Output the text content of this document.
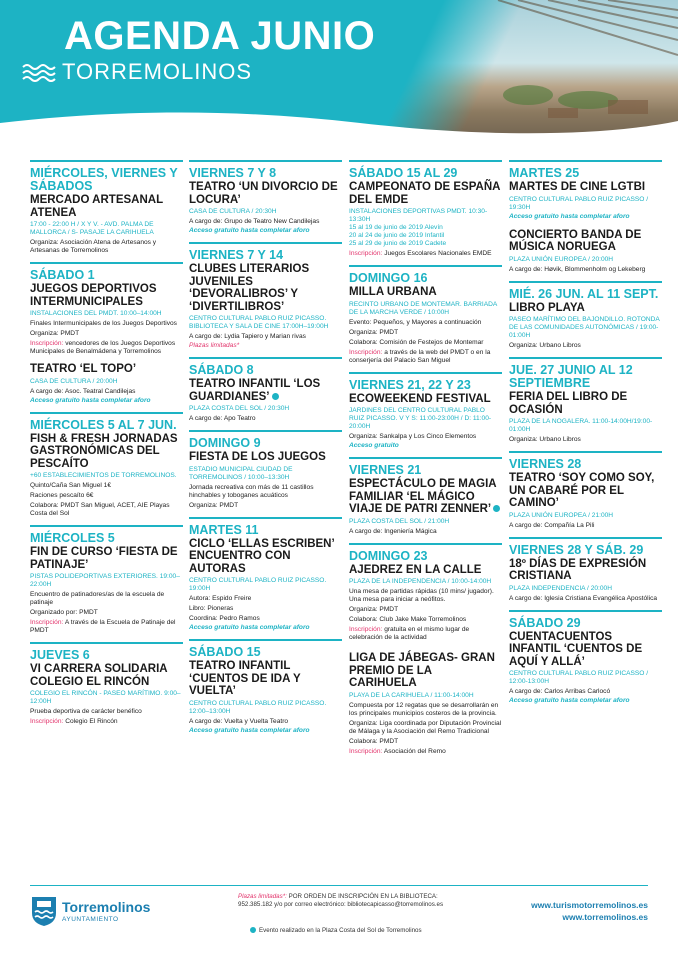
AGENDA JUNIO
TORREMOLINOS
MIÉRCOLES, VIERNES Y SÁBADOS
MERCADO ARTESANAL ATENEA
17:00 - 22:00 H / X Y V. - AVD. PALMA DE MALLORCA / S- PASAJE LA CARIHUELA
Organiza: Asociación Atena de Artesanos y Artesanas de Torremolinos
SÁBADO 1
JUEGOS DEPORTIVOS INTERMUNICIPALES
INSTALACIONES DEL PMDT. 10:00–14:00H
Finales Intermunicipales de los Juegos Deportivos
Organiza: PMDT
Inscripción: vencedores de los Juegos Deportivos Municipales de Benalmádena y Torremolinos
TEATRO ‘EL TOPO’
CASA DE CULTURA / 20:00H
A cargo de: Asoc. Teatral Candilejas
Acceso gratuito hasta completar aforo
MIÉRCOLES 5 AL 7 JUN.
FISH & FRESH JORNADAS GASTRONÓMICAS DEL PESCAÍTO
+60 ESTABLECIMIENTOS DE TORREMOLINOS.
Quinto/Caña San Miguel 1€
Raciones pescaíto 6€
Colabora: PMDT San Miguel, ACET, AIE Playas Costa del Sol
MIÉRCOLES 5
FIN DE CURSO ‘FIESTA DE PATINAJE’
PISTAS POLIDEPORTIVAS EXTERIORES. 19:00–22:00H
Encuentro de patinadores/as de la escuela de patinaje
Organizado por: PMDT
Inscripción: A través de la Escuela de Patinaje del PMDT
JUEVES 6
VI CARRERA SOLIDARIA COLEGIO EL RINCÓN
COLEGIO EL RINCÓN - PASEO MARÍTIMO. 9:00–12:00H
Prueba deportiva de carácter benéfico
Inscripción: Colegio El Rincón
VIERNES 7 Y 8
TEATRO ‘UN DIVORCIO DE LOCURA’
CASA DE CULTURA / 20:30H
A cargo de: Grupo de Teatro New Candilejas
Acceso gratuito hasta completar aforo
VIERNES 7 Y 14
CLUBES LITERARIOS JUVENILES ‘DEVORALIBROS’ Y ‘DIVERTILIBROS’
CENTRO CULTURAL PABLO RUIZ PICASSO. BIBLIOTECA Y SALA DE CINE 17:00H–19:00H
A cargo de: Lydia Tapiero y Marian rivas
Plazas limitadas*
SÁBADO 8
TEATRO INFANTIL ‘LOS GUARDIANES’
PLAZA COSTA DEL SOL / 20:30H
A cargo de: Apo Teatro
DOMINGO 9
FIESTA DE LOS JUEGOS
ESTADIO MUNICIPAL CIUDAD DE TORREMOLINOS / 10:00–13:30H
Jornada recreativa con más de 11 castillos hinchables y toboganes acuáticos
Organiza: PMDT
MARTES 11
CICLO ‘ELLAS ESCRIBEN’ ENCUENTRO CON AUTORAS
CENTRO CULTURAL PABLO RUIZ PICASSO. 19:00H
Autora: Espido Freire
Libro: Pioneras
Coordina: Pedro Ramos
Acceso gratuito hasta completar aforo
SÁBADO 15
TEATRO INFANTIL ‘CUENTOS DE IDA Y VUELTA’
CENTRO CULTURAL PABLO RUIZ PICASSO. 12:00–13:00H
A cargo de: Vuelta y Vuelta Teatro
Acceso gratuito hasta completar aforo
SÁBADO 15 AL 29
CAMPEONATO DE ESPAÑA DEL EMDE
INSTALACIONES DEPORTIVAS PMDT. 10:30-13:30H
15 al 19 de junio de 2019 Alevín
20 al 24 de junio de 2019 Infantil
25 al 29 de junio de 2019 Cadete
Inscripción: Juegos Escolares Nacionales EMDE
DOMINGO 16
MILLA URBANA
RECINTO URBANO DE MONTEMAR. BARRIADA DE LA MARCHA VERDE / 10:00H
Evento: Pequeños, y Mayores a continuación
Organiza: PMDT
Colabora: Comisión de Festejos de Montemar
Inscripción: a través de la web del PMDT o en la conserjería del Palacio San Miguel
VIERNES 21, 22 Y 23
ECOWEEKEND FESTIVAL
JARDINES DEL CENTRO CULTURAL PABLO RUIZ PICASSO. V Y S: 11:00-23:00H / D: 11:00-20:00H
Organiza: Sankalpa y Los Cinco Elementos
Acceso gratuito
VIERNES 21
ESPECTÁCULO DE MAGIA FAMILIAR ‘EL MÁGICO VIAJE DE PATRI ZENNER’
PLAZA COSTA DEL SOL / 21:00H
A cargo de: Ingeniería Mágica
DOMINGO 23
AJEDREZ EN LA CALLE
PLAZA DE LA INDEPENDENCIA / 10:00-14:00H
Una mesa de partidas rápidas (10 mins/ jugador). Una mesa para iniciar a neófitos.
Organiza: PMDT
Colabora: Club Jake Make Torremolinos
Inscripción: gratuita en el mismo lugar de celebración de la actividad
LIGA DE JÁBEGAS- GRAN PREMIO DE LA CARIHUELA
PLAYA DE LA CARIHUELA / 11:00-14:00H
Compuesta por 12 regatas que se desarrollarán en los principales municipios costeros de la provincia.
Organiza: Liga coordinada por Diputación Provincial de Málaga y la Asociación del Remo Tradicional
Colabora: PMDT
Inscripción: Asociación del Remo
MARTES 25
MARTES DE CINE LGTBI
CENTRO CULTURAL PABLO RUIZ PICASSO / 19:30H
Acceso gratuito hasta completar aforo
CONCIERTO BANDA DE MÚSICA NORUEGA
PLAZA UNIÓN EUROPEA / 20:00H
A cargo de: Høvik, Blommenholm og Lekeberg
MIÉ. 26 JUN. AL 11 SEPT.
LIBRO PLAYA
PASEO MARÍTIMO DEL BAJONDILLO. ROTONDA DE LAS COMUNIDADES AUTONÓMICAS / 19:00-01:00H
Organiza: Urbano Libros
JUE. 27 JUNIO AL 12 SEPTIEMBRE
FERIA DEL LIBRO DE OCASIÓN
PLAZA DE LA NOGALERA. 11:00-14:00H/19:00-01:00H
Organiza: Urbano Libros
VIERNES 28
TEATRO ‘SOY COMO SOY, UN CABARÉ POR EL CAMINO’
PLAZA UNIÓN EUROPEA / 21:00H
A cargo de: Compañía La Pili
VIERNES 28 Y SÁB. 29
18º DÍAS DE EXPRESIÓN CRISTIANA
PLAZA INDEPENDENCIA / 20:00H
A cargo de: Iglesia Cristiana Evangélica Apostólica
SÁBADO 29
CUENTACUENTOS INFANTIL ‘CUENTOS DE AQUÍ Y ALLÁ’
CENTRO CULTURAL PABLO RUIZ PICASSO / 12:00-13:00H
A cargo de: Carlos Arribas Carlocó
Acceso gratuito hasta completar aforo
Torremolinos
AYUNTAMIENTO
Plazas limitadas*: POR ORDEN DE INSCRIPCIÓN EN LA BIBLIOTECA:
952.385.182 y/o por correo electrónico: bibliotecapicasso@torremolinos.es
Evento realizado en la Plaza Costa del Sol de Torremolinos
www.turismotorremolinos.es
www.torremolinos.es
